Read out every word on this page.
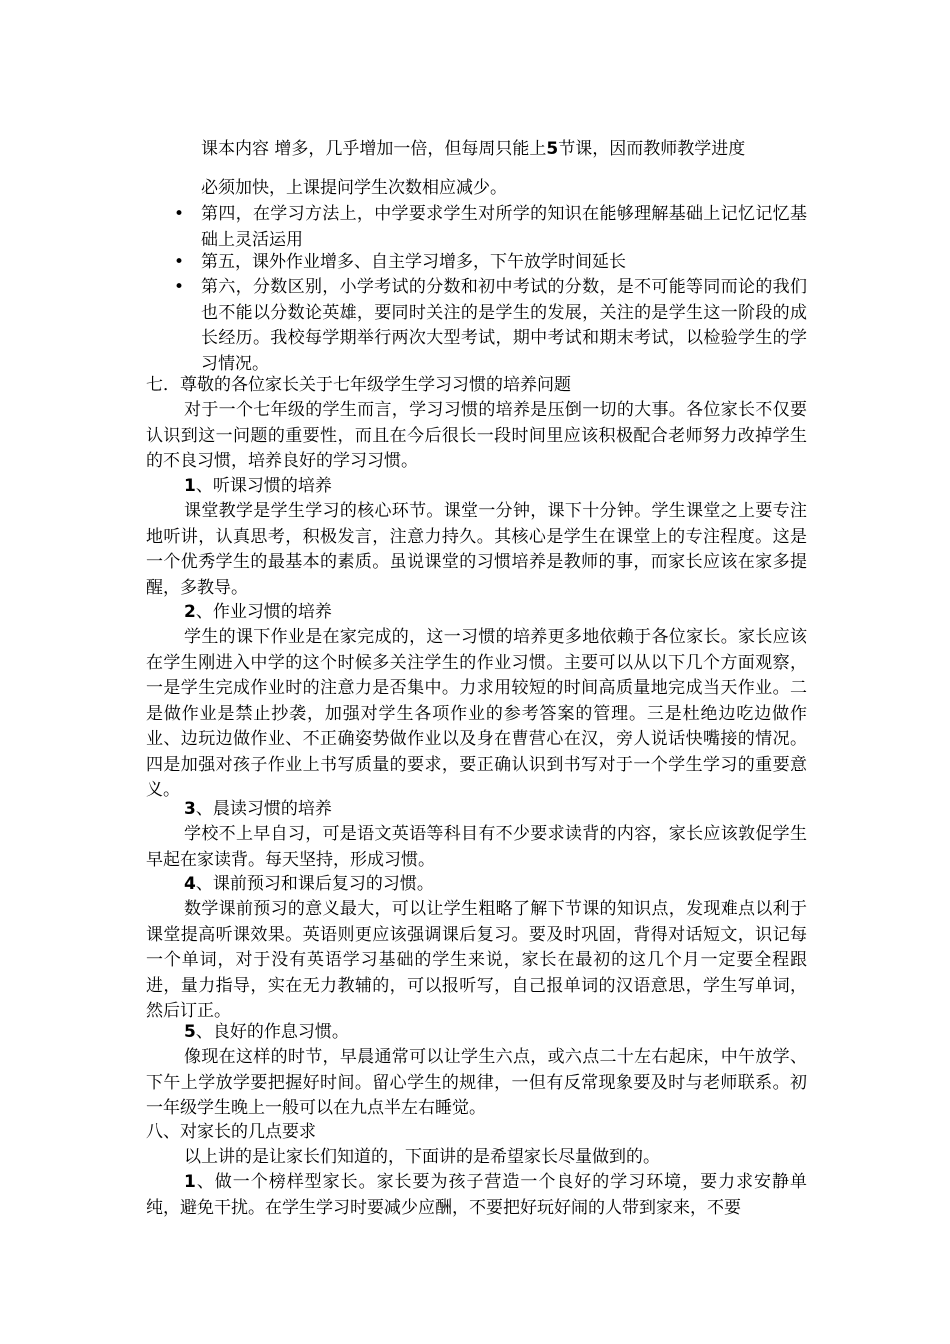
课本内容 增多，几乎增加一倍，但每周只能上5节课，因而教师教学进度

必须加快，上课提问学生次数相应减少。

• 第四，在学习方法上，中学要求学生对所学的知识在能够理解基础上记忆记忆基础上灵活运用
• 第五，课外作业增多、自主学习增多，下午放学时间延长
• 第六，分数区别，小学考试的分数和初中考试的分数，是不可能等同而论的我们也不能以分数论英雄，要同时关注的是学生的发展，关注的是学生这一阶段的成长经历。我校每学期举行两次大型考试，期中考试和期末考试，以检验学生的学习情况。

七．尊敬的各位家长关于七年级学生学习习惯的培养问题

对于一个七年级的学生而言，学习习惯的培养是压倒一切的大事。各位家长不仅要认识到这一问题的重要性，而且在今后很长一段时间里应该积极配合老师努力改掉学生的不良习惯，培养良好的学习习惯。

1、听课习惯的培养

课堂教学是学生学习的核心环节。课堂一分钟，课下十分钟。学生课堂之上要专注地听讲，认真思考，积极发言，注意力持久。其核心是学生在课堂上的专注程度。这是一个优秀学生的最基本的素质。虽说课堂的习惯培养是教师的事，而家长应该在家多提醒，多教导。

2、作业习惯的培养

学生的课下作业是在家完成的，这一习惯的培养更多地依赖于各位家长。家长应该在学生刚进入中学的这个时候多关注学生的作业习惯。主要可以从以下几个方面观察，一是学生完成作业时的注意力是否集中。力求用较短的时间高质量地完成当天作业。二是做作业是禁止抄袭，加强对学生各项作业的参考答案的管理。三是杜绝边吃边做作业、边玩边做作业、不正确姿势做作业以及身在曹营心在汉，旁人说话快嘴接的情况。四是加强对孩子作业上书写质量的要求，要正确认识到书写对于一个学生学习的重要意义。

3、晨读习惯的培养

学校不上早自习，可是语文英语等科目有不少要求读背的内容，家长应该敦促学生早起在家读背。每天坚持，形成习惯。

4、课前预习和课后复习的习惯。

数学课前预习的意义最大，可以让学生粗略了解下节课的知识点，发现难点以利于课堂提高听课效果。英语则更应该强调课后复习。要及时巩固，背得对话短文，识记每一个单词，对于没有英语学习基础的学生来说，家长在最初的这几个月一定要全程跟进，量力指导，实在无力教辅的，可以报听写，自己报单词的汉语意思，学生写单词，然后订正。

5、良好的作息习惯。

像现在这样的时节，早晨通常可以让学生六点，或六点二十左右起床，中午放学、下午上学放学要把握好时间。留心学生的规律，一但有反常现象要及时与老师联系。初一年级学生晚上一般可以在九点半左右睡觉。

八、对家长的几点要求

以上讲的是让家长们知道的，下面讲的是希望家长尽量做到的。

1、做一个榜样型家长。家长要为孩子营造一个良好的学习环境，要力求安静单纯，避免干扰。在学生学习时要减少应酬，不要把好玩好闹的人带到家来，不要
